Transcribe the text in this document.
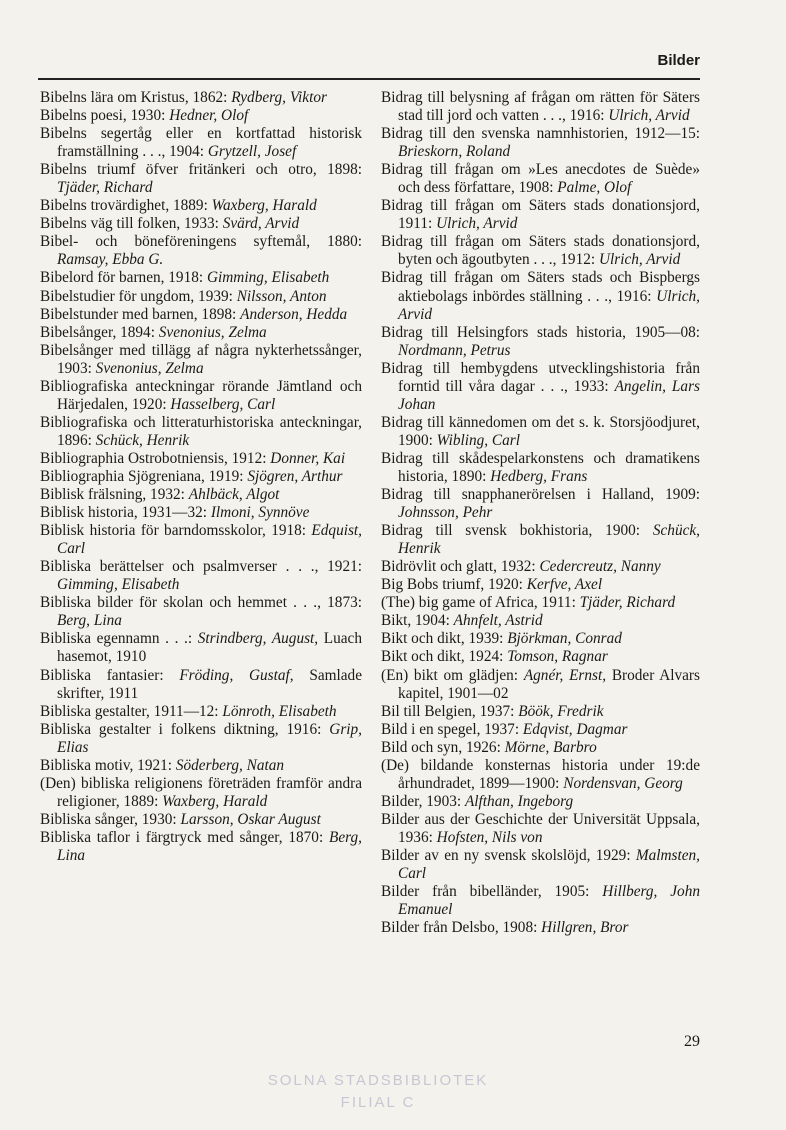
Bilder

Bibelns lära om Kristus, 1862: Rydberg, Viktor

Bibelns poesi, 1930: Hedner, Olof

Bibelns segertåg eller en kortfattad historisk framställning . . ., 1904: Grytzell, Josef

Bibelns triumf öfver fritänkeri och otro, 1898: Tjäder, Richard

Bibelns trovärdighet, 1889: Waxberg, Harald

Bibelns väg till folken, 1933: Svärd, Arvid

Bibel- och böneföreningens syftemål, 1880: Ramsay, Ebba G.

Bibelord för barnen, 1918: Gimming, Elisabeth

Bibelstudier för ungdom, 1939: Nilsson, Anton

Bibelstunder med barnen, 1898: Anderson, Hedda

Bibelsånger, 1894: Svenonius, Zelma

Bibelsånger med tillägg af några nykterhetssånger, 1903: Svenonius, Zelma

Bibliografiska anteckningar rörande Jämtland och Härjedalen, 1920: Hasselberg, Carl

Bibliografiska och litteraturhistoriska anteckningar, 1896: Schück, Henrik

Bibliographia Ostrobotniensis, 1912: Donner, Kai

Bibliographia Sjögreniana, 1919: Sjögren, Arthur

Biblisk frälsning, 1932: Ahlbäck, Algot

Biblisk historia, 1931—32: Ilmoni, Synnöve

Biblisk historia för barndomsskolor, 1918: Edquist, Carl

Bibliska berättelser och psalmverser . . ., 1921: Gimming, Elisabeth

Bibliska bilder för skolan och hemmet . . ., 1873: Berg, Lina

Bibliska egennamn . . .: Strindberg, August, Luach hasemot, 1910

Bibliska fantasier: Fröding, Gustaf, Samlade skrifter, 1911

Bibliska gestalter, 1911—12: Lönroth, Elisabeth

Bibliska gestalter i folkens diktning, 1916: Grip, Elias

Bibliska motiv, 1921: Söderberg, Natan

(Den) bibliska religionens företräden framför andra religioner, 1889: Waxberg, Harald

Bibliska sånger, 1930: Larsson, Oskar August

Bibliska taflor i färgtryck med sånger, 1870: Berg, Lina

Bidrag till belysning af frågan om rätten för Säters stad till jord och vatten . . ., 1916: Ulrich, Arvid

Bidrag till den svenska namnhistorien, 1912—15: Brieskorn, Roland

Bidrag till frågan om »Les anecdotes de Suède» och dess författare, 1908: Palme, Olof

Bidrag till frågan om Säters stads donationsjord, 1911: Ulrich, Arvid

Bidrag till frågan om Säters stads donationsjord, byten och ägoutbyten . . ., 1912: Ulrich, Arvid

Bidrag till frågan om Säters stads och Bispbergs aktiebolags inbördes ställning . . ., 1916: Ulrich, Arvid

Bidrag till Helsingfors stads historia, 1905—08: Nordmann, Petrus

Bidrag till hembygdens utvecklingshistoria från forntid till våra dagar . . ., 1933: Angelin, Lars Johan

Bidrag till kännedomen om det s. k. Storsjöodjuret, 1900: Wibling, Carl

Bidrag till skådespelarkonstens och dramatikens historia, 1890: Hedberg, Frans

Bidrag till snapphanerörelsen i Halland, 1909: Johnsson, Pehr

Bidrag till svensk bokhistoria, 1900: Schück, Henrik

Bidrövlit och glatt, 1932: Cedercreutz, Nanny

Big Bobs triumf, 1920: Kerfve, Axel

(The) big game of Africa, 1911: Tjäder, Richard

Bikt, 1904: Ahnfelt, Astrid

Bikt och dikt, 1939: Björkman, Conrad

Bikt och dikt, 1924: Tomson, Ragnar

(En) bikt om glädjen: Agnér, Ernst, Broder Alvars kapitel, 1901—02

Bil till Belgien, 1937: Böök, Fredrik

Bild i en spegel, 1937: Edqvist, Dagmar

Bild och syn, 1926: Mörne, Barbro

(De) bildande konsternas historia under 19:de århundradet, 1899—1900: Nordensvan, Georg

Bilder, 1903: Alfthan, Ingeborg

Bilder aus der Geschichte der Universität Uppsala, 1936: Hofsten, Nils von

Bilder av en ny svensk skolslöjd, 1929: Malmsten, Carl

Bilder från bibelländer, 1905: Hillberg, John Emanuel

Bilder från Delsbo, 1908: Hillgren, Bror

29
SOLNA STADSBIBLIOTEK
FILIAL C
